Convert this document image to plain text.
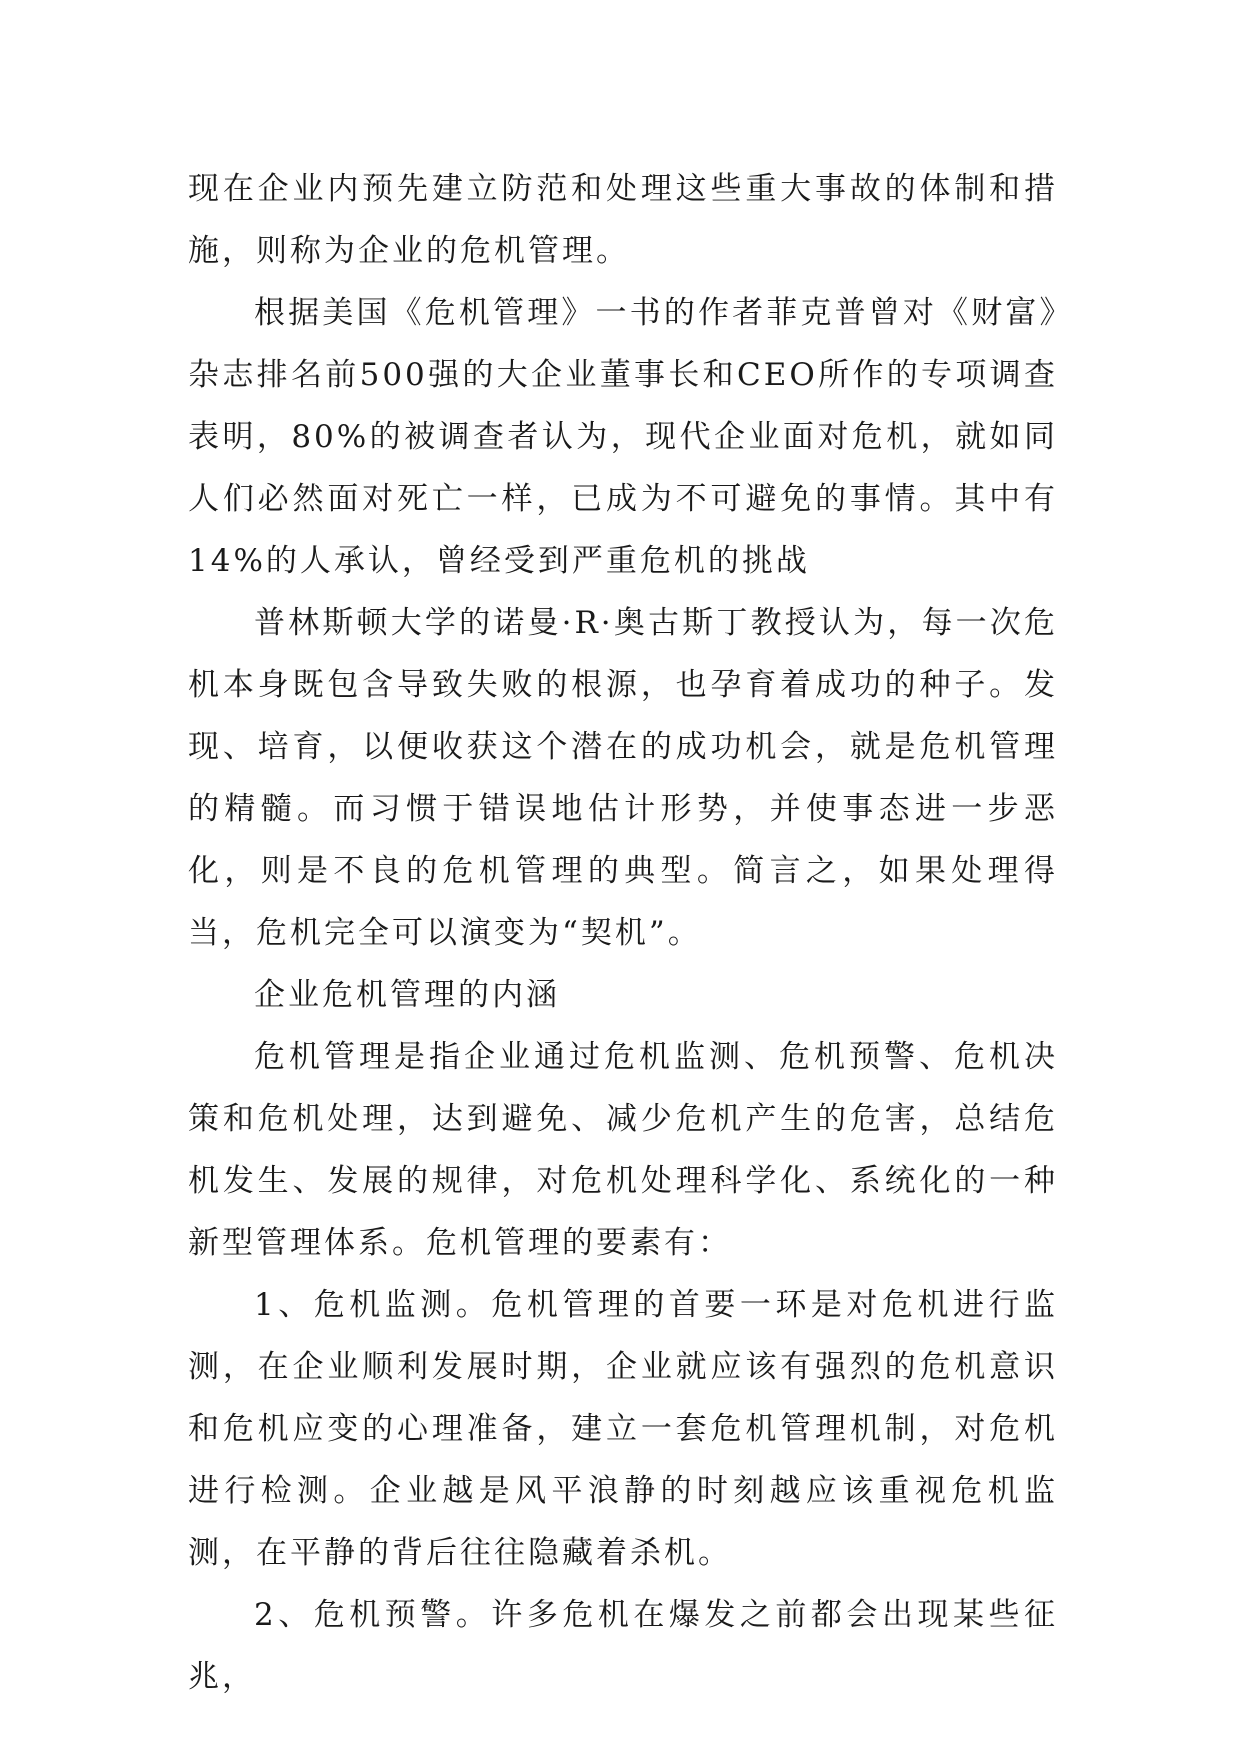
现在企业内预先建立防范和处理这些重大事故的体制和措施，则称为企业的危机管理。

根据美国《危机管理》一书的作者菲克普曾对《财富》杂志排名前500强的大企业董事长和CEO所作的专项调查表明，80%的被调查者认为，现代企业面对危机，就如同人们必然面对死亡一样，已成为不可避免的事情。其中有14%的人承认，曾经受到严重危机的挑战

普林斯顿大学的诺曼·R·奥古斯丁教授认为，每一次危机本身既包含导致失败的根源，也孕育着成功的种子。发现、培育，以便收获这个潜在的成功机会，就是危机管理的精髓。而习惯于错误地估计形势，并使事态进一步恶化，则是不良的危机管理的典型。简言之，如果处理得当，危机完全可以演变为“契机”。

企业危机管理的内涵

危机管理是指企业通过危机监测、危机预警、危机决策和危机处理，达到避免、减少危机产生的危害，总结危机发生、发展的规律，对危机处理科学化、系统化的一种新型管理体系。危机管理的要素有：

1、危机监测。危机管理的首要一环是对危机进行监测，在企业顺利发展时期，企业就应该有强烈的危机意识和危机应变的心理准备，建立一套危机管理机制，对危机进行检测。企业越是风平浪静的时刻越应该重视危机监测，在平静的背后往往隐藏着杀机。

2、危机预警。许多危机在爆发之前都会出现某些征兆，
